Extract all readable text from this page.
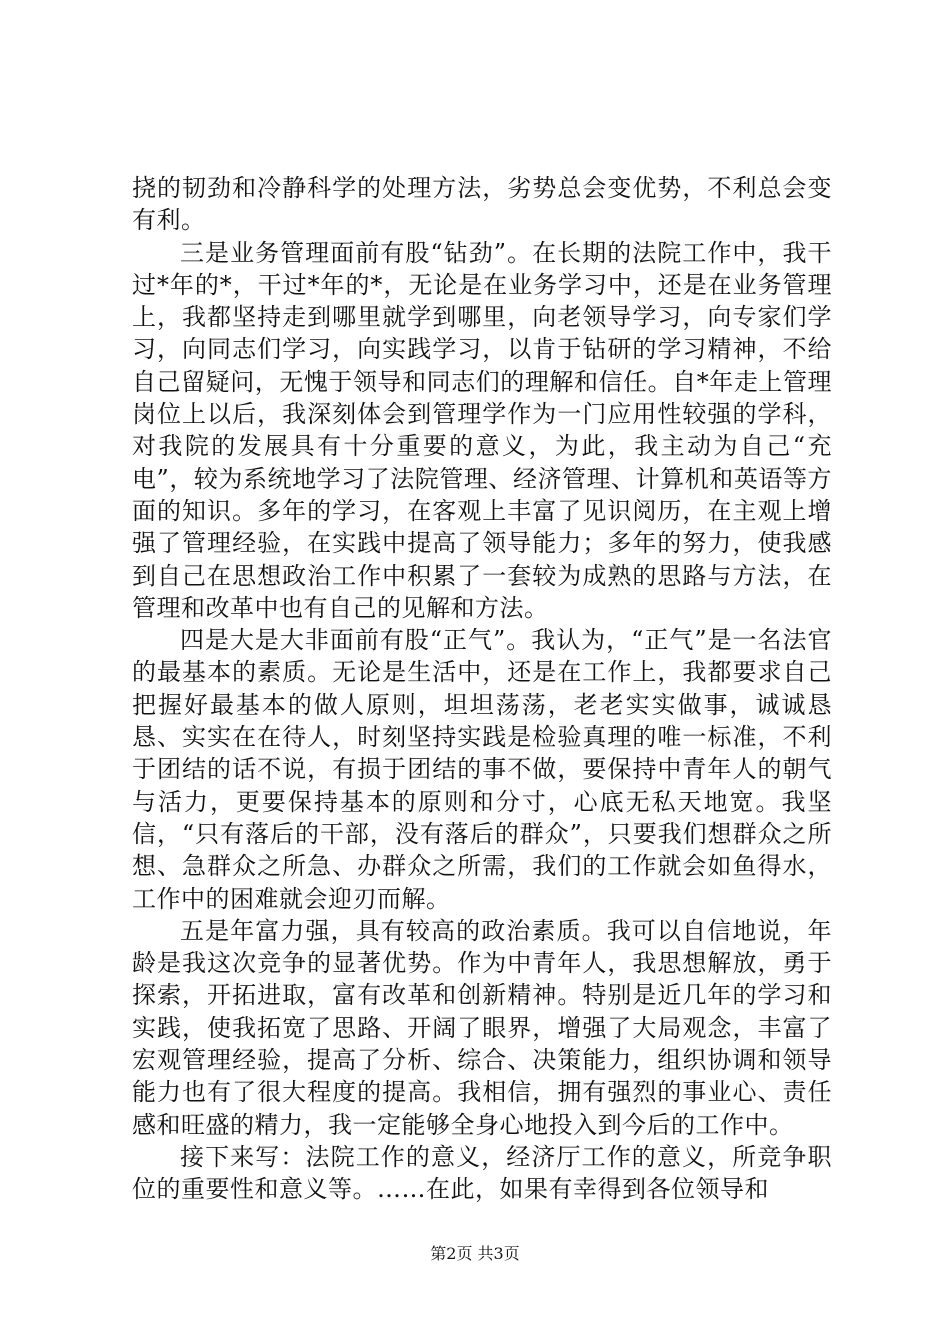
挠的韧劲和冷静科学的处理方法，劣势总会变优势，不利总会变有利。

三是业务管理面前有股“钻劲”。在长期的法院工作中，我干过*年的*，干过*年的*，无论是在业务学习中，还是在业务管理上，我都坚持走到哪里就学到哪里，向老领导学习，向专家们学习，向同志们学习，向实践学习，以肯于钻研的学习精神，不给自己留疑问，无愧于领导和同志们的理解和信任。自*年走上管理岗位上以后，我深刻体会到管理学作为一门应用性较强的学科，对我院的发展具有十分重要的意义，为此，我主动为自己“充电”，较为系统地学习了法院管理、经济管理、计算机和英语等方面的知识。多年的学习，在客观上丰富了见识阅历，在主观上增强了管理经验，在实践中提高了领导能力；多年的努力，使我感到自己在思想政治工作中积累了一套较为成熟的思路与方法，在管理和改革中也有自己的见解和方法。

四是大是大非面前有股“正气”。我认为，“正气”是一名法官的最基本的素质。无论是生活中，还是在工作上，我都要求自己把握好最基本的做人原则，坦坦荡荡，老老实实做事，诚诚恳恳、实实在在待人，时刻坚持实践是检验真理的唯一标准，不利于团结的话不说，有损于团结的事不做，要保持中青年人的朝气与活力，更要保持基本的原则和分寸，心底无私天地宽。我坚信，“只有落后的干部，没有落后的群众”，只要我们想群众之所想、急群众之所急、办群众之所需，我们的工作就会如鱼得水，工作中的困难就会迎刃而解。

五是年富力强，具有较高的政治素质。我可以自信地说，年龄是我这次竞争的显著优势。作为中青年人，我思想解放，勇于探索，开拓进取，富有改革和创新精神。特别是近几年的学习和实践，使我拓宽了思路、开阔了眼界，增强了大局观念，丰富了宏观管理经验，提高了分析、综合、决策能力，组织协调和领导能力也有了很大程度的提高。我相信，拥有强烈的事业心、责任感和旺盛的精力，我一定能够全身心地投入到今后的工作中。

接下来写：法院工作的意义，经济厅工作的意义，所竞争职位的重要性和意义等。……在此，如果有幸得到各位领导和

第2页 共3页
